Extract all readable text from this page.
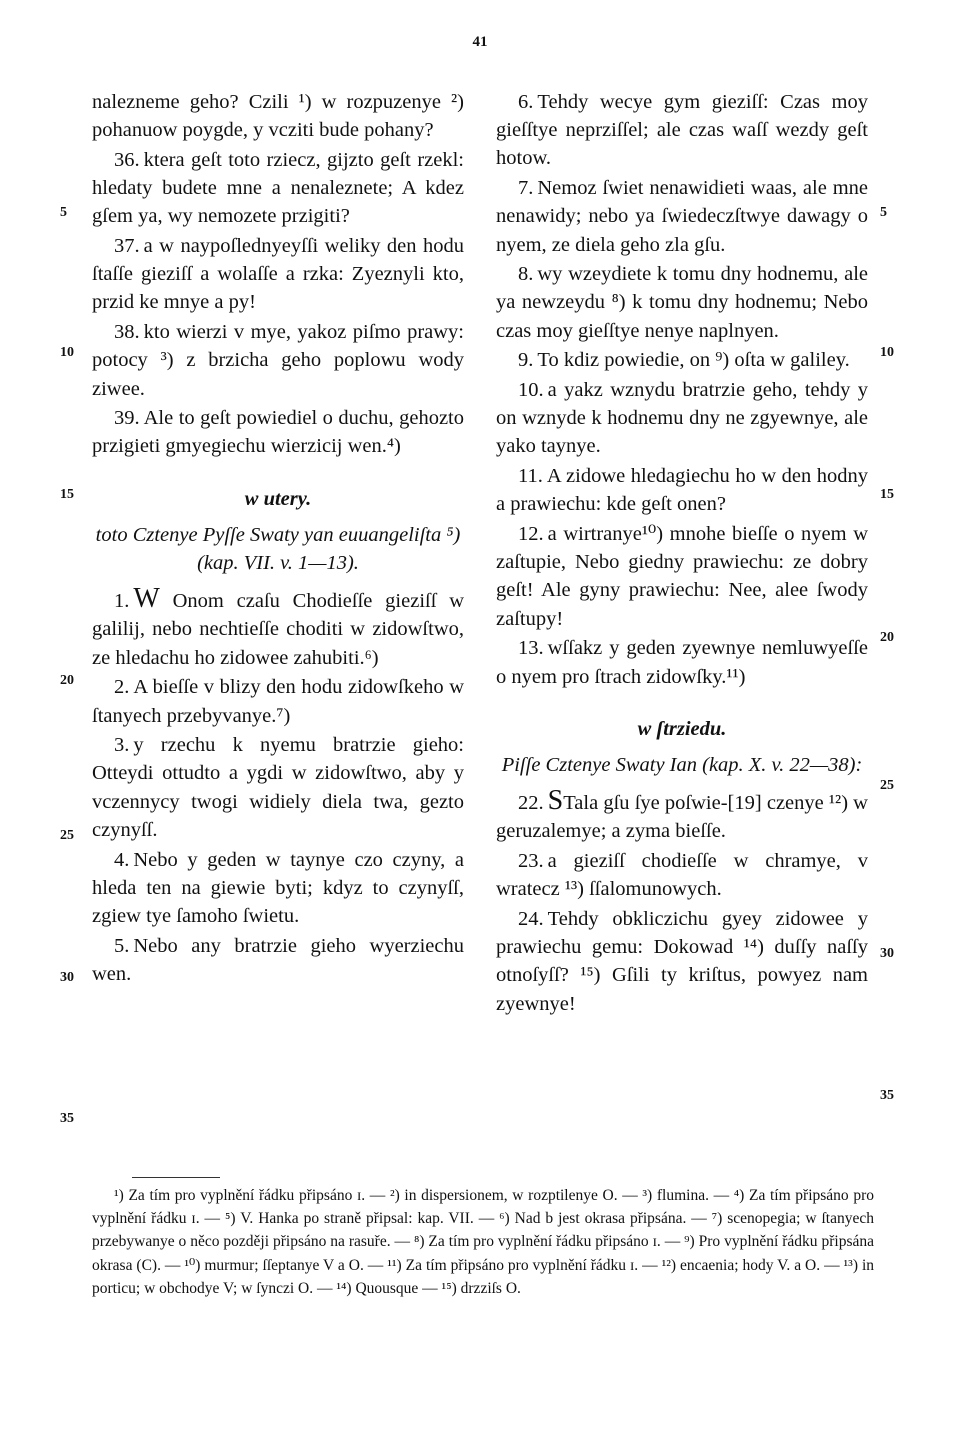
41

nalezneme geho? Czili ¹) w rozpuzenye ²) pohanuow poygde, y vcziti bude pohany?

36. ktera geſt toto rziecz, gijzto geſt rzekl: hledaty budete mne a nenaleznete; A kdez gſem ya, wy nemozete przigiti?

37. a w naypoſlednyeyſſi weliky den hodu ſtaſſe gieziſſ a wolaſſe a rzka: Zyeznyli kto, przid ke mnye a py!

38. kto wierzi v mye, yakoz piſmo prawy: potocy ³) z brzicha geho poplowu wody ziwee.

39. Ale to geſt powiediel o duchu, gehozto przigieti gmyegiechu wierzicij wen.⁴)

w utery.

toto Cztenye Pyſſe Swaty yan euuangeliſta ⁵) (kap. VII. v. 1—13).

1. W Onom czaſu Chodieſſe gieziſſ w galilij, nebo nechtieſſe choditi w zidowſtwo, ze hledachu ho zidowee zahubiti.⁶)

2. A bieſſe v blizy den hodu zidowſkeho w ſtanyech przebyvanye.⁷)

3. y rzechu k nyemu bratrzie gieho: Otteydi ottudto a ygdi w zidowſtwo, aby y vczennycy twogi widiely diela twa, gezto czynyſſ.

4. Nebo y geden w taynye czo czyny, a hleda ten na giewie byti; kdyz to czynyſſ, zgiew tye ſamoho ſwietu.

5. Nebo any bratrzie gieho wyerziechu wen.

6. Tehdy wecye gym gieziſſ: Czas moy gieſſtye neprziſſel; ale czas waſſ wezdy geſt hotow.

7. Nemoz ſwiet nenawidieti waas, ale mne nenawidy; nebo ya ſwiedeczſtwye dawagy o nyem, ze diela geho zla gſu.

8. wy wzeydiete k tomu dny hodnemu, ale ya newzeydu ⁸) k tomu dny hodnemu; Nebo czas moy gieſſtye nenye naplnyen.

9. To kdiz powiedie, on ⁹) oſta w galiley.

10. a yakz wznydu bratrzie geho, tehdy y on wznyde k hodnemu dny ne zgyewnye, ale yako taynye.

11. A zidowe hledagiechu ho w den hodny a prawiechu: kde geſt onen?

12. a wirtranye¹⁰) mnohe bieſſe o nyem w zaſtupie, Nebo giedny prawiechu: ze dobry geſt! Ale gyny prawiechu: Nee, alee ſwody zaſtupy!

13. wſſakz y geden zyewnye nemluwyeſſe o nyem pro ſtrach zidowſky.¹¹)

w ſtrziedu.

Piſſe Cztenye Swaty Ian (kap. X. v. 22—38):

22. STala gſu ſye poſwie-[19] czenye ¹²) w geruzalemye; a zyma bieſſe.

23. a gieziſſ chodieſſe w chramye, v wratecz ¹³) ſſalomunowych.

24. Tehdy obkliczichu gyey zidowee y prawiechu gemu: Dokowad ¹⁴) duſſy naſſy otnoſyſſ? ¹⁵) Gſili ty kriſtus, powyez nam zyewnye!

5
10
15
20
25
30
35
5
10
15
20
25
30
35

¹) Za tím pro vyplnění řádku připsáno ɪ. — ²) in dispersionem, w rozptilenye O. — ³) flumina. — ⁴) Za tím připsáno pro vyplnění řádku ɪ. — ⁵) V. Hanka po straně připsal: kap. VII. — ⁶) Nad b jest okrasa připsána. — ⁷) scenopegia; w ſtanyech przebywanye o něco později připsáno na rasuře. — ⁸) Za tím pro vyplnění řádku připsáno ɪ. — ⁹) Pro vyplnění řádku připsána okrasa (C). — ¹⁰) murmur; ſſeptanye V a O. — ¹¹) Za tím připsáno pro vyplnění řádku ɪ. — ¹²) encaenia; hody V. a O. — ¹³) in porticu; w obchodye V; w ſynczi O. — ¹⁴) Quousque — ¹⁵) drzziſs O.
